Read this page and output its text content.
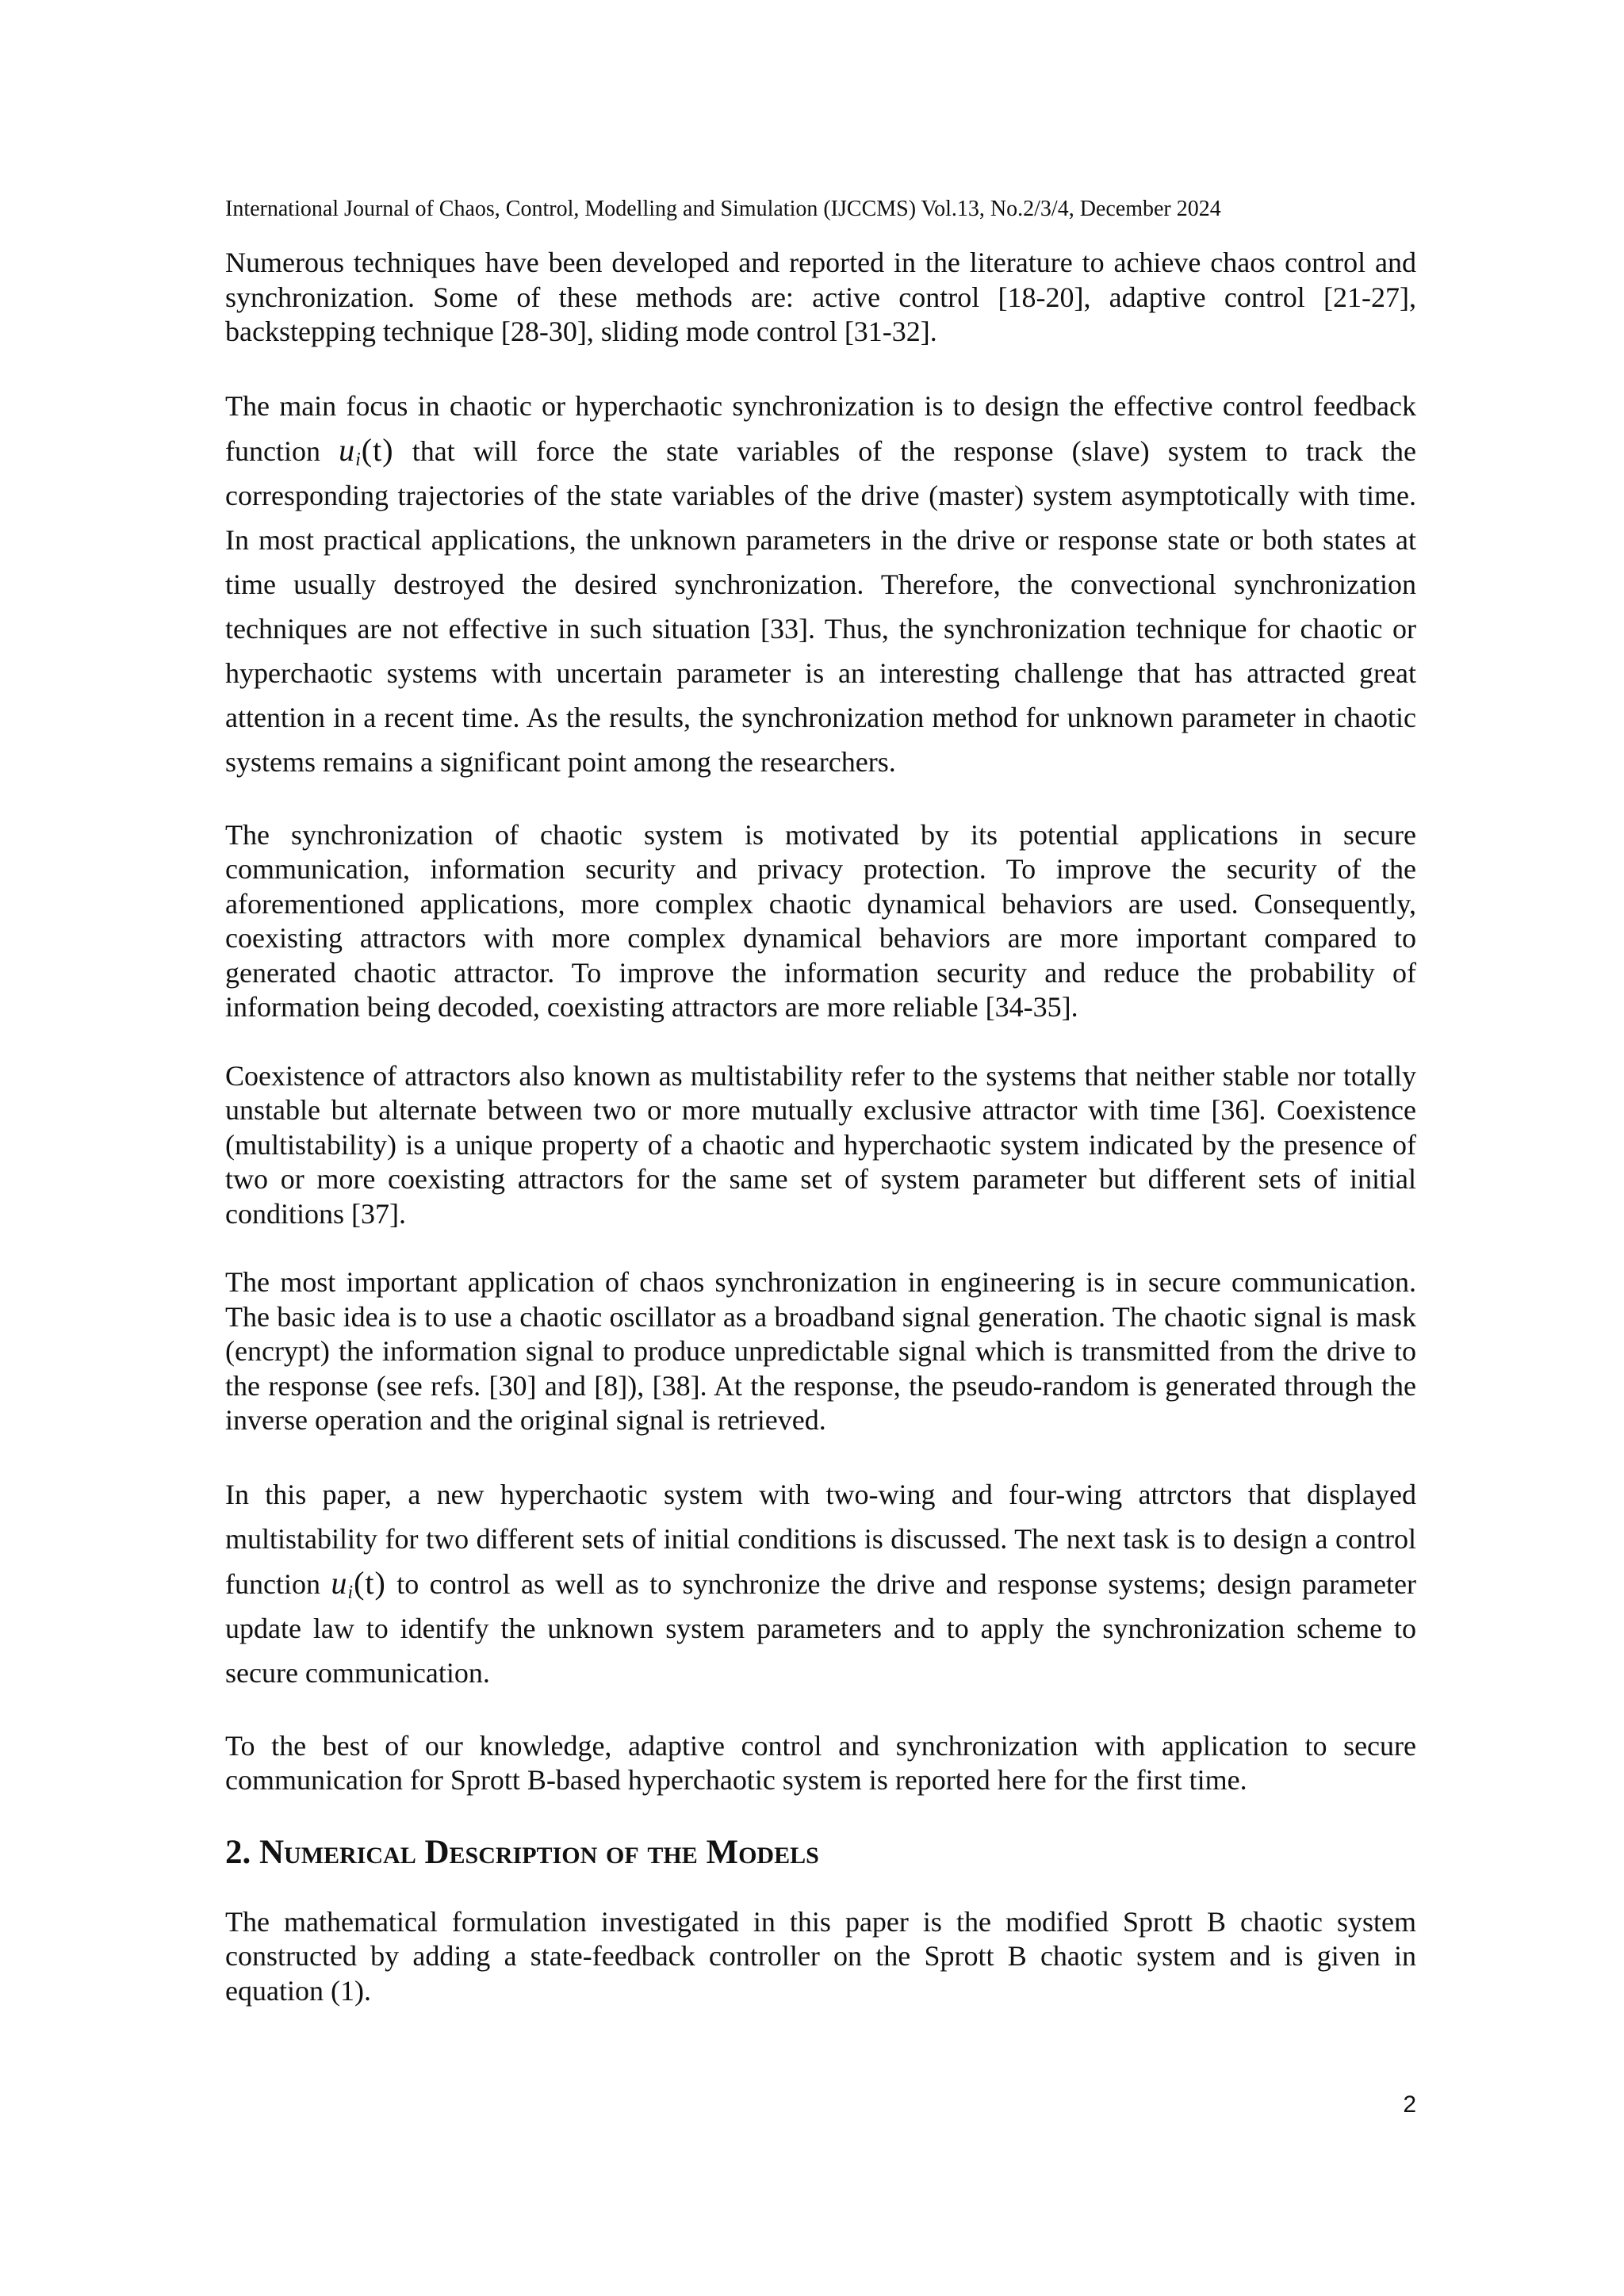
International Journal of Chaos, Control, Modelling and Simulation (IJCCMS) Vol.13, No.2/3/4, December 2024

Numerous techniques have been developed and reported in the literature to achieve chaos control and synchronization. Some of these methods are: active control [18-20], adaptive control [21-27], backstepping technique [28-30], sliding mode control [31-32].

The main focus in chaotic or hyperchaotic synchronization is to design the effective control feedback function $u_i(t)$ that will force the state variables of the response (slave) system to track the corresponding trajectories of the state variables of the drive (master) system asymptotically with time. In most practical applications, the unknown parameters in the drive or response state or both states at time usually destroyed the desired synchronization. Therefore, the convectional synchronization techniques are not effective in such situation [33]. Thus, the synchronization technique for chaotic or hyperchaotic systems with uncertain parameter is an interesting challenge that has attracted great attention in a recent time. As the results, the synchronization method for unknown parameter in chaotic systems remains a significant point among the researchers.

The synchronization of chaotic system is motivated by its potential applications in secure communication, information security and privacy protection. To improve the security of the aforementioned applications, more complex chaotic dynamical behaviors are used. Consequently, coexisting attractors with more complex dynamical behaviors are more important compared to generated chaotic attractor. To improve the information security and reduce the probability of information being decoded, coexisting attractors are more reliable [34-35].

Coexistence of attractors also known as multistability refer to the systems that neither stable nor totally unstable but alternate between two or more mutually exclusive attractor with time [36]. Coexistence (multistability) is a unique property of a chaotic and hyperchaotic system indicated by the presence of two or more coexisting attractors for the same set of system parameter but different sets of initial conditions [37].

The most important application of chaos synchronization in engineering is in secure communication. The basic idea is to use a chaotic oscillator as a broadband signal generation. The chaotic signal is mask (encrypt) the information signal to produce unpredictable signal which is transmitted from the drive to the response (see refs. [30] and [8]), [38]. At the response, the pseudo-random is generated through the inverse operation and the original signal is retrieved.

In this paper, a new hyperchaotic system with two-wing and four-wing attrctors that displayed multistability for two different sets of initial conditions is discussed. The next task is to design a control function $u_i(t)$ to control as well as to synchronize the drive and response systems; design parameter update law to identify the unknown system parameters and to apply the synchronization scheme to secure communication.

To the best of our knowledge, adaptive control and synchronization with application to secure communication for Sprott B-based hyperchaotic system is reported here for the first time.

2. Numerical Description of the Models

The mathematical formulation investigated in this paper is the modified Sprott B chaotic system constructed by adding a state-feedback controller on the Sprott B chaotic system and is given in equation (1).

2
